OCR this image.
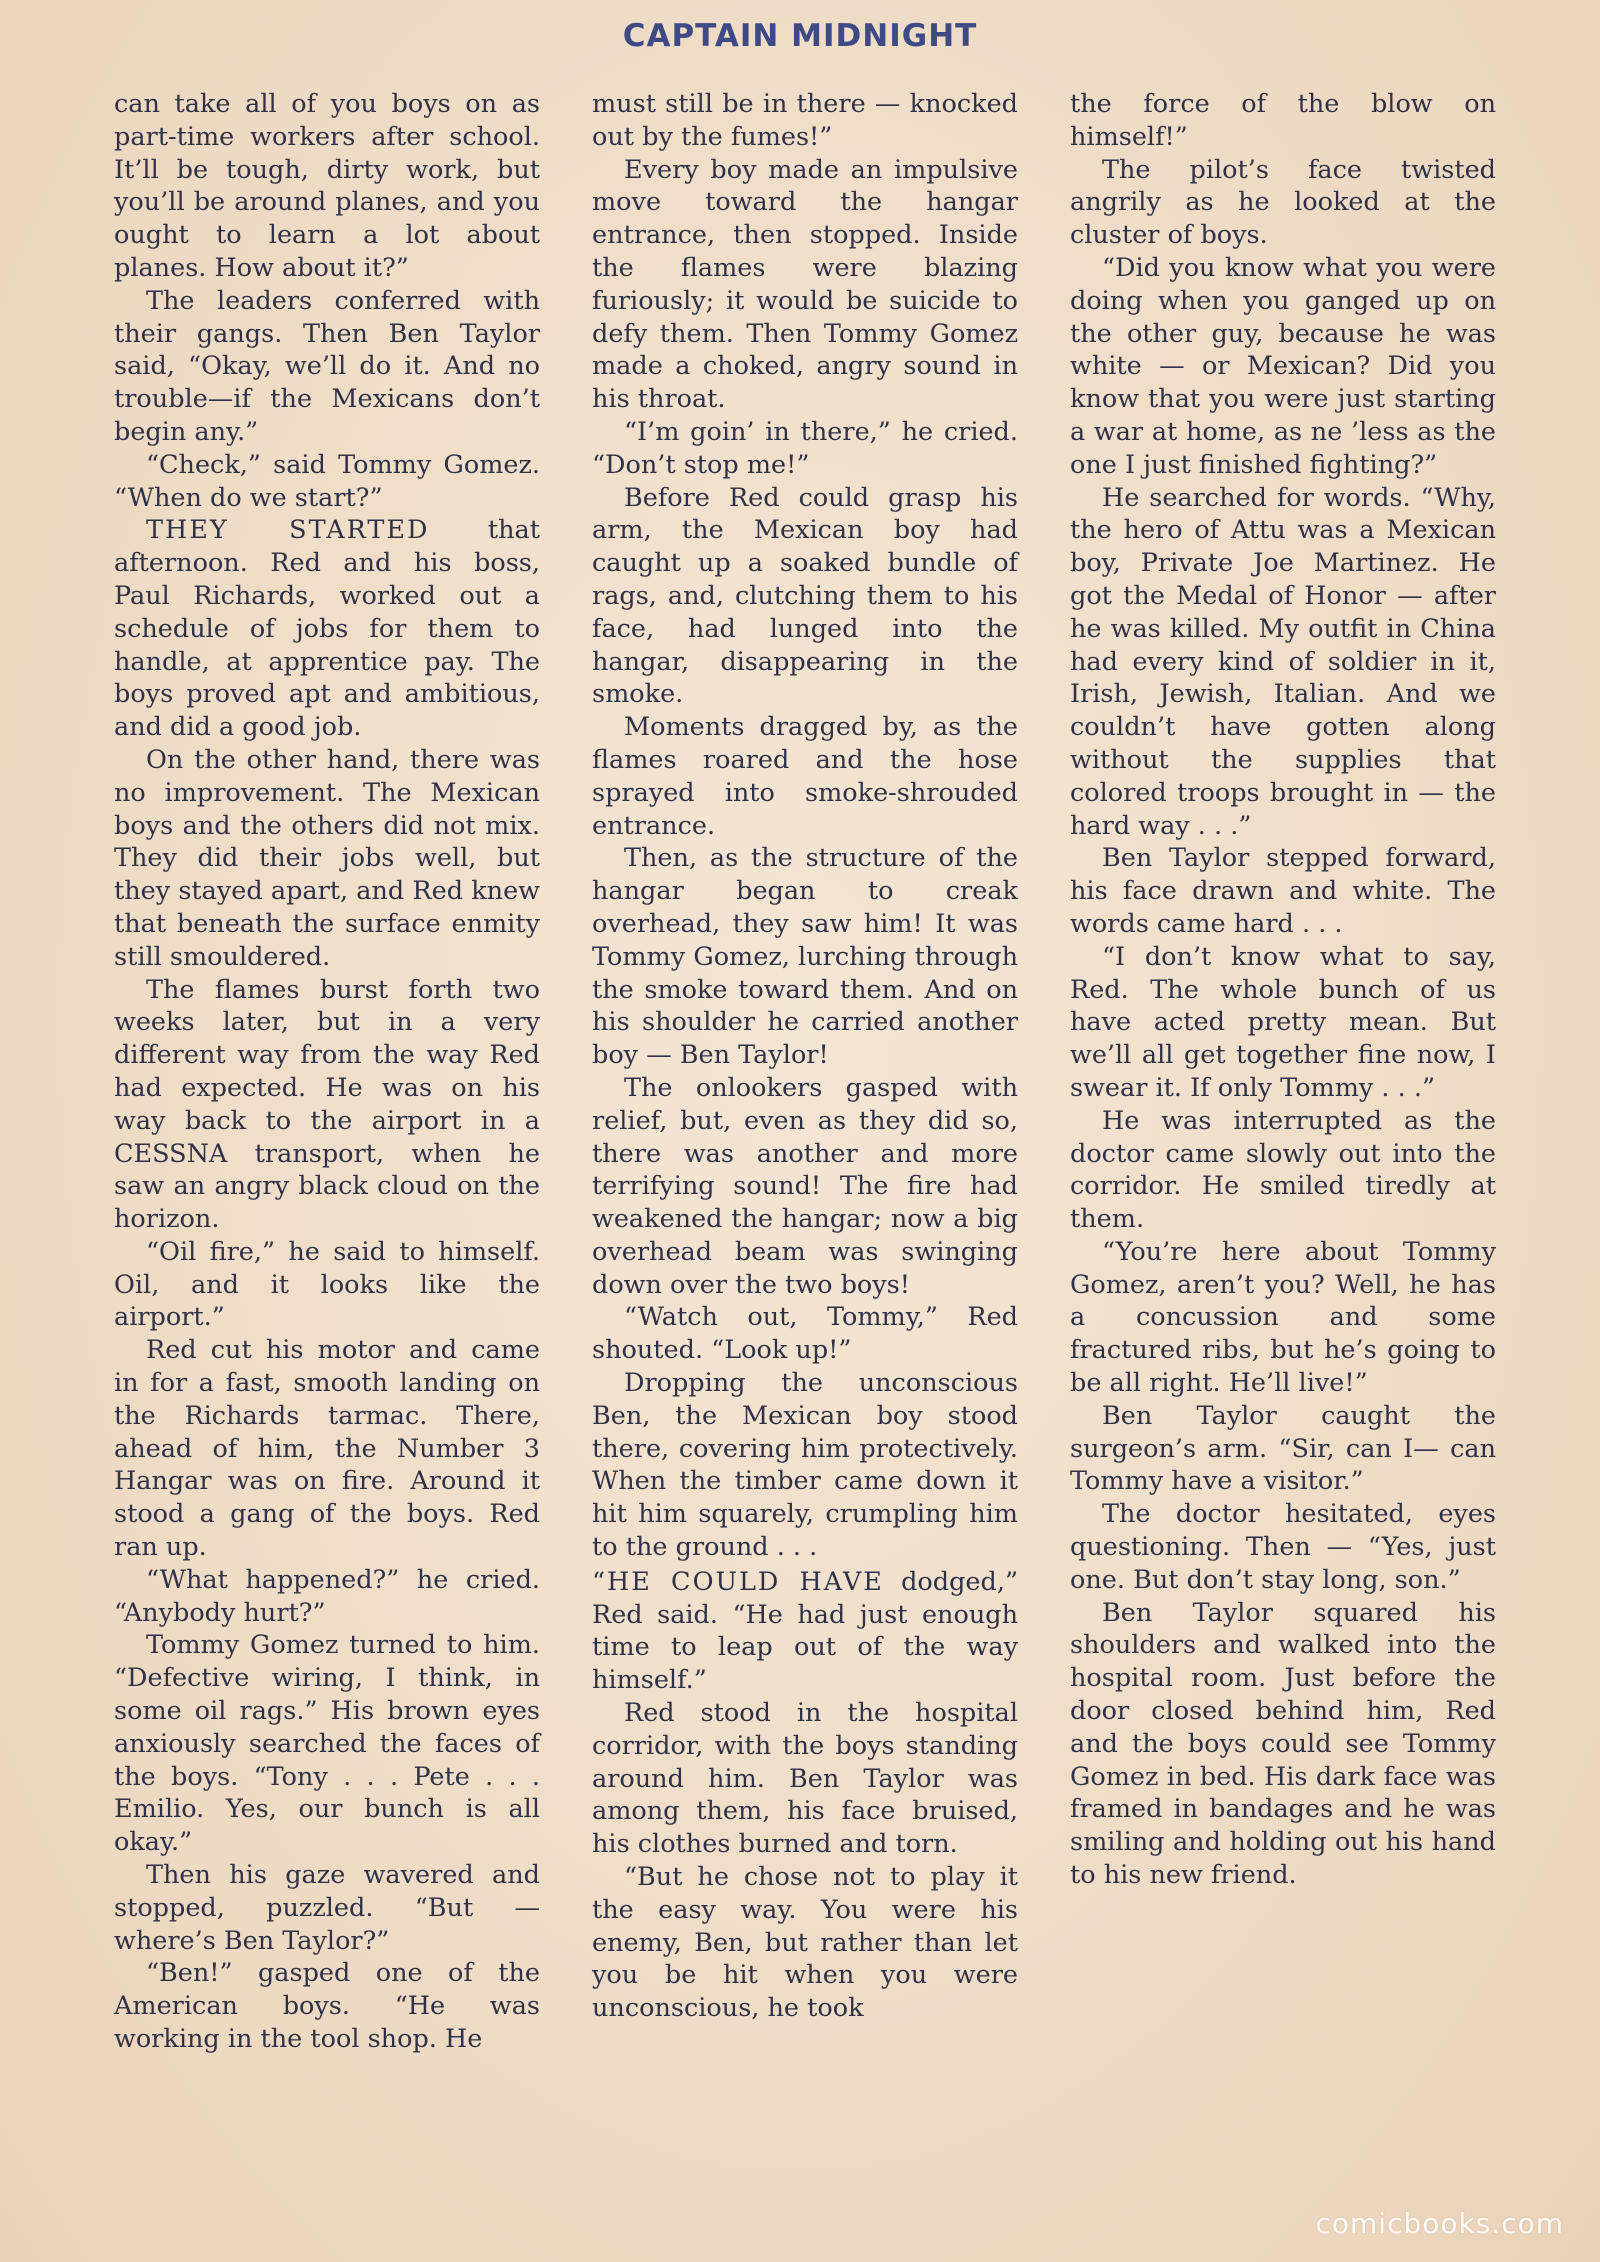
CAPTAIN MIDNIGHT

can take all of you boys on as part-time workers after school. It’ll be tough, dirty work, but you’ll be around planes, and you ought to learn a lot about planes. How about it?”

The leaders conferred with their gangs. Then Ben Taylor said, “Okay, we’ll do it. And no trouble—if the Mexicans don’t begin any.”

“Check,” said Tommy Gomez. “When do we start?”

THEY STARTED that afternoon. Red and his boss, Paul Richards, worked out a schedule of jobs for them to handle, at apprentice pay. The boys proved apt and ambitious, and did a good job.

On the other hand, there was no improvement. The Mexican boys and the others did not mix. They did their jobs well, but they stayed apart, and Red knew that beneath the surface enmity still smouldered.

The flames burst forth two weeks later, but in a very different way from the way Red had expected. He was on his way back to the airport in a CESSNA transport, when he saw an angry black cloud on the horizon.

“Oil fire,” he said to himself. Oil, and it looks like the airport.”

Red cut his motor and came in for a fast, smooth landing on the Richards tarmac. There, ahead of him, the Number 3 Hangar was on fire. Around it stood a gang of the boys. Red ran up.

“What happened?” he cried. “Anybody hurt?”

Tommy Gomez turned to him. “Defective wiring, I think, in some oil rags.” His brown eyes anxiously searched the faces of the boys. “Tony . . . Pete . . . Emilio. Yes, our bunch is all okay.”

Then his gaze wavered and stopped, puzzled. “But — where’s Ben Taylor?”

“Ben!” gasped one of the American boys. “He was working in the tool shop. He

must still be in there — knocked out by the fumes!”

Every boy made an impulsive move toward the hangar entrance, then stopped. Inside the flames were blazing furiously; it would be suicide to defy them. Then Tommy Gomez made a choked, angry sound in his throat.

“I’m goin’ in there,” he cried. “Don’t stop me!”

Before Red could grasp his arm, the Mexican boy had caught up a soaked bundle of rags, and, clutching them to his face, had lunged into the hangar, disappearing in the smoke.

Moments dragged by, as the flames roared and the hose sprayed into smoke-shrouded entrance.

Then, as the structure of the hangar began to creak overhead, they saw him! It was Tommy Gomez, lurching through the smoke toward them. And on his shoulder he carried another boy — Ben Taylor!

The onlookers gasped with relief, but, even as they did so, there was another and more terrifying sound! The fire had weakened the hangar; now a big overhead beam was swinging down over the two boys!

“Watch out, Tommy,” Red shouted. “Look up!”

Dropping the unconscious Ben, the Mexican boy stood there, covering him protectively. When the timber came down it hit him squarely, crumpling him to the ground . . .

“HE COULD HAVE dodged,” Red said. “He had just enough time to leap out of the way himself.”

Red stood in the hospital corridor, with the boys standing around him. Ben Taylor was among them, his face bruised, his clothes burned and torn.

“But he chose not to play it the easy way. You were his enemy, Ben, but rather than let you be hit when you were unconscious, he took

the force of the blow on himself!”

The pilot’s face twisted angrily as he looked at the cluster of boys.

“Did you know what you were doing when you ganged up on the other guy, because he was white — or Mexican? Did you know that you were just starting a war at home, as ne ’less as the one I just finished fighting?”

He searched for words. “Why, the hero of Attu was a Mexican boy, Private Joe Martinez. He got the Medal of Honor — after he was killed. My outfit in China had every kind of soldier in it, Irish, Jewish, Italian. And we couldn’t have gotten along without the supplies that colored troops brought in — the hard way . . .”

Ben Taylor stepped forward, his face drawn and white. The words came hard . . .

“I don’t know what to say, Red. The whole bunch of us have acted pretty mean. But we’ll all get together fine now, I swear it. If only Tommy . . .”

He was interrupted as the doctor came slowly out into the corridor. He smiled tiredly at them.

“You’re here about Tommy Gomez, aren’t you? Well, he has a concussion and some fractured ribs, but he’s going to be all right. He’ll live!”

Ben Taylor caught the surgeon’s arm. “Sir, can I— can Tommy have a visitor.”

The doctor hesitated, eyes questioning. Then — “Yes, just one. But don’t stay long, son.”

Ben Taylor squared his shoulders and walked into the hospital room. Just before the door closed behind him, Red and the boys could see Tommy Gomez in bed. His dark face was framed in bandages and he was smiling and holding out his hand to his new friend.

comicbooks.com
